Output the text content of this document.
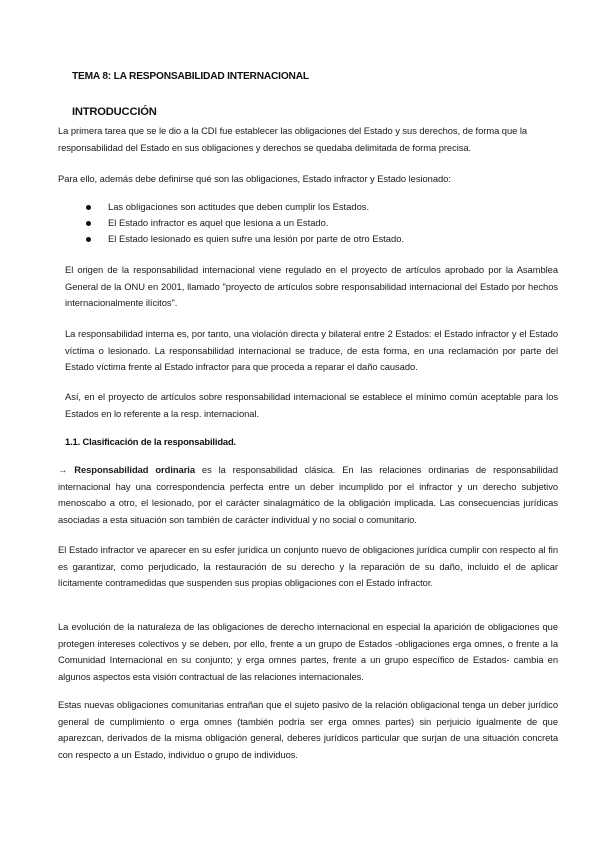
TEMA 8: LA RESPONSABILIDAD INTERNACIONAL
INTRODUCCIÓN

La primera tarea que se le dio a la CDI fue establecer las obligaciones del Estado y sus derechos, de forma que la responsabilidad del Estado en sus obligaciones y derechos se quedaba delimitada de forma precisa.

Para ello, además debe definirse qué son las obligaciones, Estado infractor y Estado lesionado:

Las obligaciones son actitudes que deben cumplir los Estados.
El Estado infractor es aquel que lesiona a un Estado.
El Estado lesionado es quien sufre una lesión por parte de otro Estado.

El origen de la responsabilidad internacional viene regulado en el proyecto de artículos aprobado por la Asamblea General de la ONU en 2001, llamado "proyecto de artículos sobre responsabilidad internacional del Estado por hechos internacionalmente ilícitos".

La responsabilidad interna es, por tanto, una violación directa y bilateral entre 2 Estados: el Estado infractor y el Estado víctima o lesionado. La responsabilidad internacional se traduce, de esta forma, en una reclamación por parte del Estado víctima frente al Estado infractor para que proceda a reparar el daño causado.

Así, en el proyecto de artículos sobre responsabilidad internacional se establece el mínimo común aceptable para los Estados en lo referente a la resp. internacional.

1.1. Clasificación de la responsabilidad.

→ Responsabilidad ordinaria es la responsabilidad clásica. En las relaciones ordinarias de responsabilidad internacional hay una correspondencia perfecta entre un deber incumplido por el infractor y un derecho subjetivo menoscabo a otro, el lesionado, por el carácter sinalagmático de la obligación implicada. Las consecuencias jurídicas asociadas a esta situación son también de carácter individual y no social o comunitario.

El Estado infractor ve aparecer en su esfer jurídica un conjunto nuevo de obligaciones jurídica cumplir con respecto al fin es garantizar, como perjudicado, la restauración de su derecho y la reparación de su daño, incluido el de aplicar lícitamente contramedidas que suspenden sus propias obligaciones con el Estado infractor.

La evolución de la naturaleza de las obligaciones de derecho internacional en especial la aparición de obligaciones que protegen intereses colectivos y se deben, por ello, frente a un grupo de Estados -obligaciones erga omnes, o frente a la Comunidad Internacional en su conjunto; y erga omnes partes, frente a un grupo específico de Estados- cambia en algunos aspectos esta visión contractual de las relaciones internacionales.

Estas nuevas obligaciones comunitarias entrañan que el sujeto pasivo de la relación obligacional tenga un deber jurídico general de cumplimiento o erga omnes (también podría ser erga omnes partes) sin perjuicio igualmente de que aparezcan, derivados de la misma obligación general, deberes jurídicos particular que surjan de una situación concreta con respecto a un Estado, individuo o grupo de individuos.
